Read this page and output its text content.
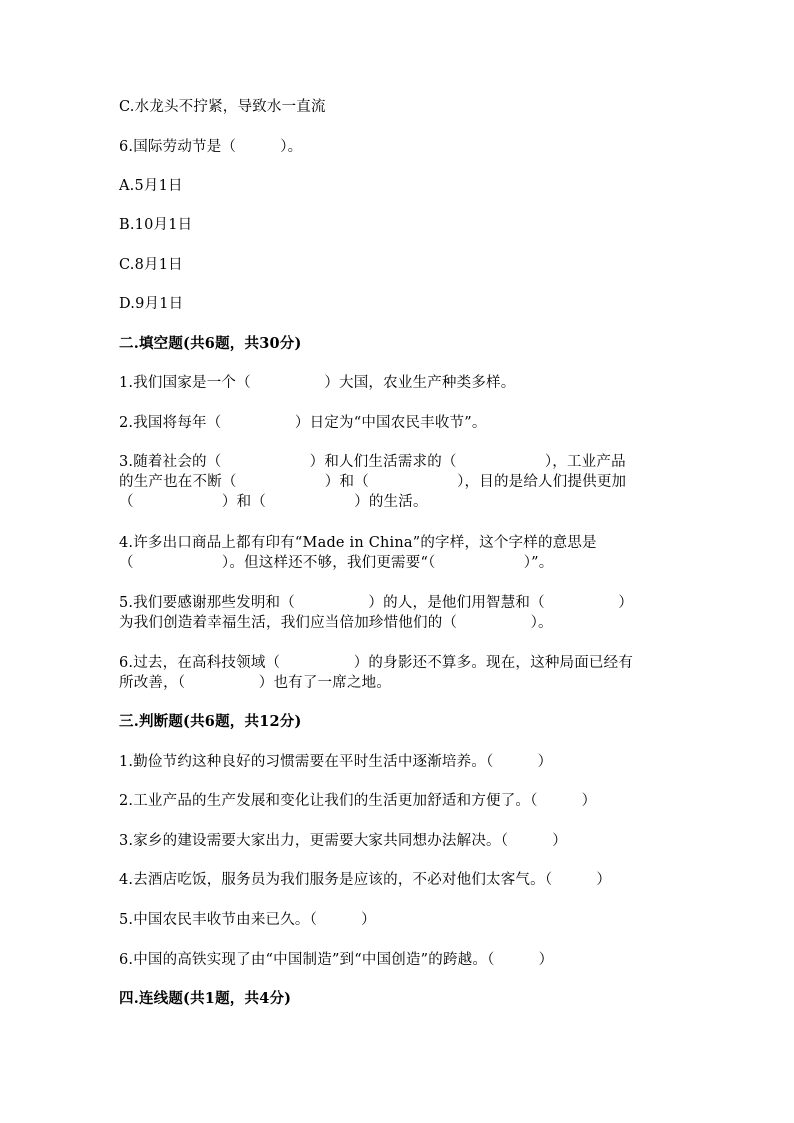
C.水龙头不拧紧，导致水一直流
6.国际劳动节是（　　　）。
A.5月1日
B.10月1日
C.8月1日
D.9月1日
二.填空题(共6题，共30分)
1.我们国家是一个（　　　　　）大国，农业生产种类多样。
2.我国将每年（　　　　　）日定为“中国农民丰收节”。
3.随着社会的（　　　　　　）和人们生活需求的（　　　　　　），工业产品
的生产也在不断（　　　　　　）和（　　　　　　），目的是给人们提供更加
（　　　　　　）和（　　　　　　）的生活。
4.许多出口商品上都有印有“Made in China”的字样，这个字样的意思是
（　　　　　　）。但这样还不够，我们更需要“（　　　　　　）”。
5.我们要感谢那些发明和（　　　　　）的人，是他们用智慧和（　　　　　）
为我们创造着幸福生活，我们应当倍加珍惜他们的（　　　　　）。
6.过去，在高科技领域（　　　　　）的身影还不算多。现在，这种局面已经有
所改善，（　　　　　）也有了一席之地。
三.判断题(共6题，共12分)
1.勤俭节约这种良好的习惯需要在平时生活中逐渐培养。（　　　）
2.工业产品的生产发展和变化让我们的生活更加舒适和方便了。（　　　）
3.家乡的建设需要大家出力，更需要大家共同想办法解决。（　　　）
4.去酒店吃饭，服务员为我们服务是应该的，不必对他们太客气。（　　　）
5.中国农民丰收节由来已久。（　　　）
6.中国的高铁实现了由“中国制造”到“中国创造”的跨越。（　　　）
四.连线题(共1题，共4分)
